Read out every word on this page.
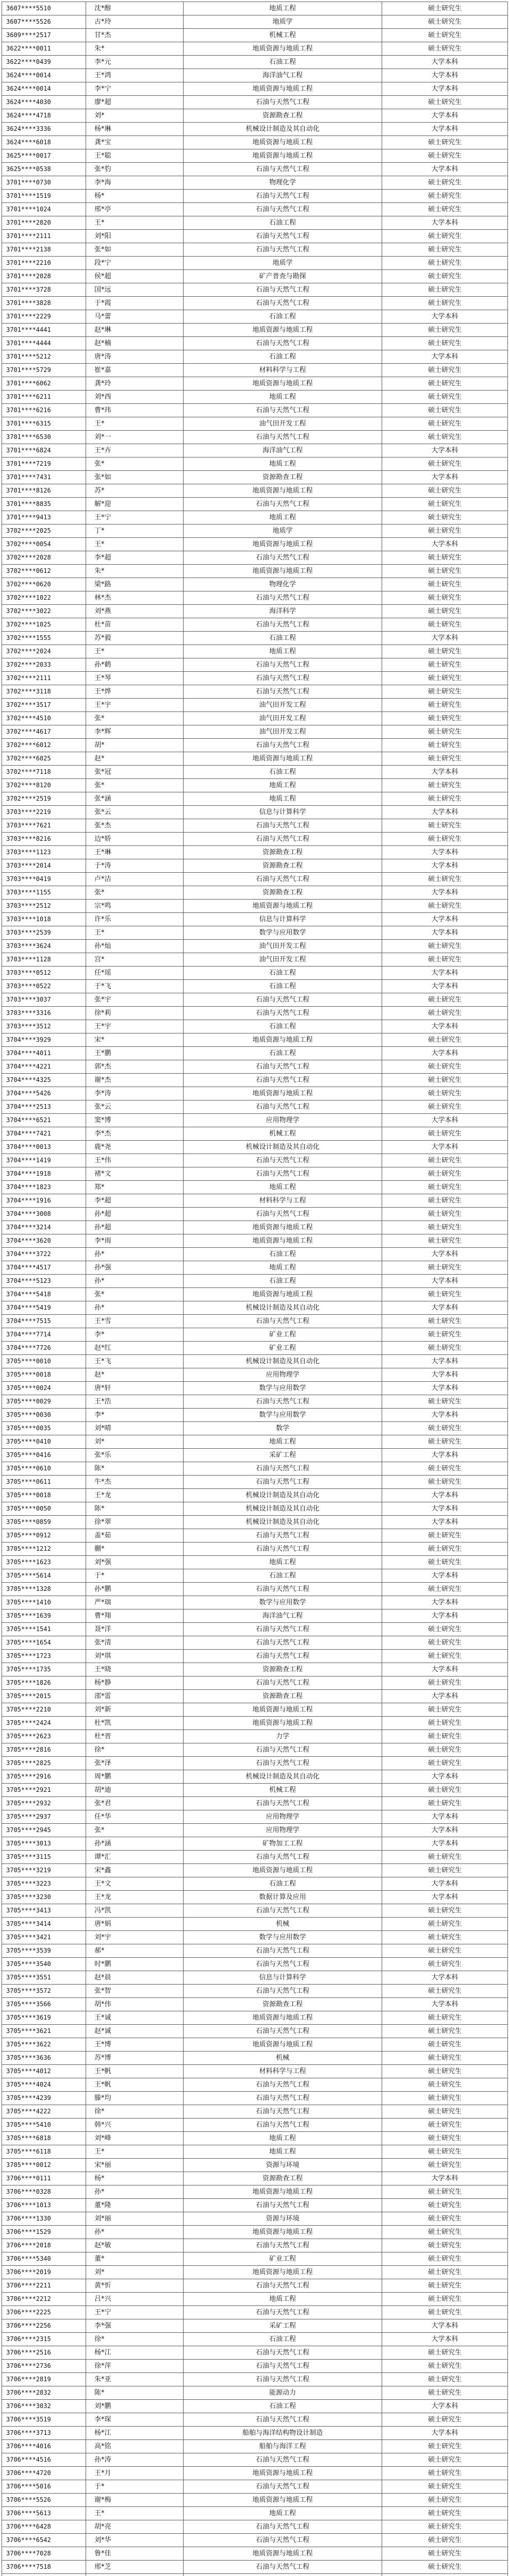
3607****5510	沈*醇	地质工程	硕士研究生
3607****5526	古*玲	地质学	硕士研究生
3609****2517	甘*杰	机械工程	硕士研究生
3622****0011	朱*	地质资源与地质工程	硕士研究生
3622****0439	李*元	石油工程	大学本科
3624****0014	王*鸿	海洋油气工程	大学本科
3624****0014	李*宁	地质资源与地质工程	大学本科
3624****4030	廖*超	石油与天然气工程	硕士研究生
3624****4718	刘*	资源勘查工程	大学本科
3624****3336	杨*琳	机械设计制造及其自动化	大学本科
3624****6018	龚*宝	地质资源与地质工程	硕士研究生
3625****0017	王*聪	地质资源与地质工程	硕士研究生
3625****0538	张*豹	石油与天然气工程	大学本科
3701****0730	李*海	物理化学	硕士研究生
3701****1519	杨*	石油与天然气工程	硕士研究生
3701****1024	邢*亭	石油与天然气工程	硕士研究生
3701****2820	王*	石油工程	大学本科
3701****2111	刘*阳	石油与天然气工程	硕士研究生
3701****2138	张*如	石油与天然气工程	硕士研究生
3701****2210	段*宁	地质学	硕士研究生
3701****2028	侯*超	矿产普查与勘探	硕士研究生
3701****3728	国*远	石油与天然气工程	硕士研究生
3701****3828	于*霞	石油与天然气工程	硕士研究生
3701****2229	马*蕾	石油工程	大学本科
3701****4441	赵*琳	地质资源与地质工程	硕士研究生
3701****4444	赵*楠	石油与天然气工程	硕士研究生
3701****5212	唐*涛	石油工程	大学本科
3701****5729	崔*嘉	材料科学与工程	硕士研究生
3701****6062	龚*玲	地质资源与地质工程	硕士研究生
3701****6211	刘*西	地质工程	硕士研究生
3701****6216	曹*玮	石油与天然气工程	硕士研究生
3701****6315	王*	油气田开发工程	硕士研究生
3701****6530	刘*一	石油与天然气工程	硕士研究生
3701****6824	王*卉	海洋油气工程	大学本科
3701****7219	张*	地质工程	硕士研究生
3701****7431	张*如	资源勘查工程	大学本科
3701****8126	苏*	地质资源与地质工程	硕士研究生
3701****8835	解*迎	石油与天然气工程	硕士研究生
3701****9413	王*宁	地质工程	硕士研究生
3702****2025	丁*	地质学	硕士研究生
3702****0054	王*	地质资源与地质工程	大学本科
3702****2028	李*超	石油与天然气工程	硕士研究生
3702****0612	朱*	地质资源与地质工程	硕士研究生
3702****0620	梁*路	物理化学	硕士研究生
3702****1022	林*杰	石油与天然气工程	硕士研究生
3702****3022	刘*燕	海洋科学	硕士研究生
3702****1025	杜*苗	石油与天然气工程	硕士研究生
3702****1555	苏*毅	石油工程	大学本科
3702****2024	王*	地质工程	硕士研究生
3702****2033	孙*鹤	石油与天然气工程	硕士研究生
3702****2111	王*琴	石油与天然气工程	硕士研究生
3702****3118	王*烨	石油与天然气工程	硕士研究生
3702****3517	王*宇	油气田开发工程	硕士研究生
3702****4510	张*	油气田开发工程	硕士研究生
3702****4617	李*辉	油气田开发工程	硕士研究生
3702****6012	胡*	石油与天然气工程	硕士研究生
3702****6025	赵*	地质资源与地质工程	硕士研究生
3702****7118	张*冠	石油工程	大学本科
3702****8120	张*	地质工程	硕士研究生
3702****2519	张*涵	地质工程	硕士研究生
3703****2219	张*云	信息与计算科学	大学本科
3703****7621	张*杰	石油与天然气工程	硕士研究生
3703****8216	边*娇	石油与天然气工程	硕士研究生
3703****1123	王*琳	资源勘查工程	大学本科
3703****2014	于*涛	资源勘查工程	大学本科
3703****0419	卢*洁	石油与天然气工程	硕士研究生
3703****1155	张*	资源勘查工程	大学本科
3703****2512	宗*鸣	地质资源与地质工程	硕士研究生
3703****1018	许*乐	信息与计算科学	大学本科
3703****2539	王*	数学与应用数学	大学本科
3703****3624	孙*灿	油气田开发工程	硕士研究生
3703****1128	宫*	油气田开发工程	硕士研究生
3703****0512	任*瑶	石油工程	大学本科
3703****0522	于*飞	石油工程	大学本科
3703****3037	张*宇	石油与天然气工程	硕士研究生
3703****3316	徐*莉	石油与天然气工程	硕士研究生
3703****3512	王*宇	石油工程	大学本科
3704****3929	宋*	地质资源与地质工程	硕士研究生
3704****4011	王*鹏	石油工程	大学本科
3704****4221	郭*杰	石油与天然气工程	硕士研究生
3704****4325	谢*杰	石油与天然气工程	硕士研究生
3704****5426	李*涛	地质资源与地质工程	硕士研究生
3704****2513	张*云	石油与天然气工程	硕士研究生
3704****6521	窦*博	应用物理学	大学本科
3704****7421	李*杰	机械工程	硕士研究生
3704****0013	鹿*尧	机械设计制造及其自动化	大学本科
3704****1419	王*伟	石油与天然气工程	硕士研究生
3704****1918	褚*文	石油与天然气工程	硕士研究生
3704****1823	郑*	地质工程	硕士研究生
3704****1916	李*超	材料科学与工程	硕士研究生
3704****3008	孙*超	石油与天然气工程	硕士研究生
3704****3214	孙*超	地质资源与地质工程	硕士研究生
3704****3620	李*雨	地质资源与地质工程	硕士研究生
3704****3722	孙*	石油工程	大学本科
3704****4517	孙*强	地质工程	硕士研究生
3704****5123	孙*	石油工程	大学本科
3704****5418	张*	地质资源与地质工程	硕士研究生
3704****5419	孙*	机械设计制造及其自动化	大学本科
3704****7515	王*雪	石油与天然气工程	硕士研究生
3704****7714	李*	矿业工程	硕士研究生
3704****7726	赵*红	矿业工程	硕士研究生
3705****0010	王*飞	机械设计制造及其自动化	大学本科
3705****0018	赵*	应用物理学	大学本科
3705****0024	唐*轩	数学与应用数学	大学本科
3705****0029	王*浩	石油与天然气工程	硕士研究生
3705****0030	李*	数学与应用数学	大学本科
3705****0035	刘*晴	数学	硕士研究生
3705****0410	刘*	地质工程	硕士研究生
3705****0416	张*乐	采矿工程	大学本科
3705****0610	陈*	石油与天然气工程	硕士研究生
3705****0611	牛*杰	石油与天然气工程	硕士研究生
3705****0018	王*龙	机械设计制造及其自动化	大学本科
3705****0050	陈*	机械设计制造及其自动化	大学本科
3705****0859	徐*翠	机械设计制造及其自动化	大学本科
3705****0912	盖*茹	石油与天然气工程	硕士研究生
3705****1212	蒯*	石油与天然气工程	硕士研究生
3705****1623	刘*强	地质工程	硕士研究生
3705****5614	于*	石油工程	大学本科
3705****1328	孙*鹏	石油与天然气工程	硕士研究生
3705****1410	严*瑞	数学与应用数学	大学本科
3705****1639	曹*翔	海洋油气工程	大学本科
3705****1541	聂*洋	石油与天然气工程	硕士研究生
3705****1654	张*清	石油与天然气工程	硕士研究生
3705****1723	刘*琪	石油与天然气工程	硕士研究生
3705****1735	王*晓	资源勘查工程	大学本科
3705****1826	杨*静	石油与天然气工程	硕士研究生
3705****2015	邵*雷	资源勘查工程	大学本科
3705****2210	刘*新	地质资源与地质工程	硕士研究生
3705****2424	杜*凯	地质资源与地质工程	硕士研究生
3705****2623	杜*晋	力学	硕士研究生
3705****2816	徐*	石油与天然气工程	硕士研究生
3705****2825	张*泽	石油与天然气工程	硕士研究生
3705****2916	周*鹏	机械设计制造及其自动化	大学本科
3705****2921	胡*迪	机械工程	硕士研究生
3705****2932	张*君	石油与天然气工程	硕士研究生
3705****2937	任*华	应用物理学	大学本科
3705****2945	张*	应用物理学	大学本科
3705****3013	孙*涵	矿物加工工程	大学本科
3705****3115	谭*汇	石油与天然气工程	硕士研究生
3705****3219	宋*鑫	地质资源与地质工程	硕士研究生
3705****3223	王*文	石油工程	大学本科
3705****3230	王*龙	数据计算及应用	大学本科
3705****3413	冯*凯	石油与天然气工程	硕士研究生
3705****3414	唐*娟	机械	硕士研究生
3705****3421	刘*宇	数学与应用数学	硕士研究生
3705****3539	郝*	石油与天然气工程	硕士研究生
3705****3540	时*鹏	石油与天然气工程	硕士研究生
3705****3551	赵*晨	信息与计算科学	大学本科
3705****3572	张*智	石油与天然气工程	硕士研究生
3705****3566	胡*伟	资源勘查工程	大学本科
3705****3619	王*诚	地质资源与地质工程	硕士研究生
3705****3621	赵*诚	石油与天然气工程	硕士研究生
3705****3622	王*博	地质资源与地质工程	硕士研究生
3705****3636	苏*博	机械	硕士研究生
3705****4012	王*帆	材料科学与工程	硕士研究生
3705****4024	王*帆	石油与天然气工程	硕士研究生
3705****4239	滕*均	石油与天然气工程	硕士研究生
3705****4222	徐*	石油与天然气工程	硕士研究生
3705****5410	韩*兴	石油与天然气工程	硕士研究生
3705****6818	刘*峰	地质工程	硕士研究生
3705****6118	王*	地质工程	硕士研究生
3705****0012	宋*丽	资源与环境	硕士研究生
3706****0111	杨*	资源勘查工程	大学本科
3706****0328	孙*	地质资源与地质工程	硕士研究生
3706****1013	董*隆	石油与天然气工程	硕士研究生
3706****1330	刘*丽	资源与环境	硕士研究生
3706****1529	孙*	地质资源与地质工程	硕士研究生
3706****2018	赵*敏	石油与天然气工程	硕士研究生
3706****5340	董*	矿业工程	硕士研究生
3706****2019	刘*	地质资源与地质工程	硕士研究生
3706****2211	黄*忻	石油与天然气工程	硕士研究生
3706****2212	吕*兴	地质工程	硕士研究生
3706****2225	王*宁	石油与天然气工程	硕士研究生
3706****2256	李*强	采矿工程	大学本科
3706****2315	徐*	石油工程	大学本科
3706****2516	杨*江	石油与天然气工程	硕士研究生
3706****2736	徐*萍	石油与天然气工程	硕士研究生
3706****2819	朱*亚	石油与天然气工程	硕士研究生
3706****2832	陈*	能源动力	硕士研究生
3706****3032	刘*鹏	石油工程	大学本科
3706****3519	李*琛	石油与天然气工程	硕士研究生
3706****3713	杨*江	船舶与海洋结构物设计制造	大学本科
3706****4016	高*铭	船舶与海洋工程	硕士研究生
3706****4516	孙*涛	石油与天然气工程	硕士研究生
3706****4720	王*月	地质资源与地质工程	硕士研究生
3706****5016	于*	石油与天然气工程	硕士研究生
3706****5526	谢*梅	地质资源与地质工程	硕士研究生
3706****5613	王*	地质工程	硕士研究生
3706****6428	胡*亮	石油与天然气工程	硕士研究生
3706****6542	刘*华	石油与天然气工程	硕士研究生
3706****7028	鲁*佳	地质资源与地质工程	硕士研究生
3706****7518	邢*芝	石油与天然气工程	硕士研究生
